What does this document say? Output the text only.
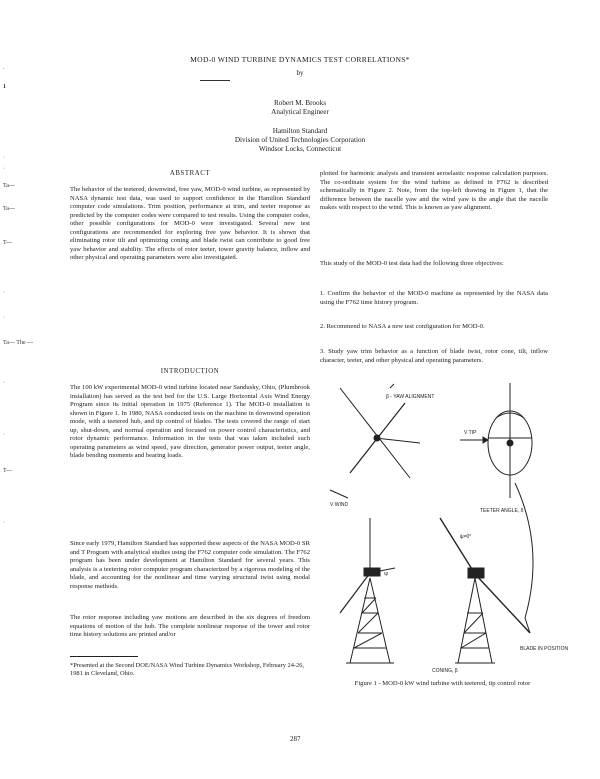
MOD-0 WIND TURBINE DYNAMICS TEST CORRELATIONS*
by
Robert M. Brooks
Analytical Engineer
Hamilton Standard
Division of United Technologies Corporation
Windsor Locks, Connecticut
.
1
·
·
Ta---
Ta---
T---
·
·
Ta--- The ---
·
·
T---
·
ABSTRACT
The behavior of the teetered, downwind, free yaw, MOD-0 wind turbine, as represented by NASA dynamic test data, was used to support confidence in the Hamilton Standard computer code simulations. Trim position, performance at trim, and teeter response as predicted by the computer codes were compared to test results. Using the computer codes, other possible configurations for MOD-0 were investigated. Several new test configurations are recommended for exploring free yaw behavior. It is shown that eliminating rotor tilt and optimizing coning and blade twist can contribute to good free yaw behavior and stability. The effects of rotor teeter, tower gravity balance, inflow and other physical and operating parameters were also investigated.
INTRODUCTION
The 100 kW experimental MOD-0 wind turbine located near Sandusky, Ohio, (Plumbrook installation) has served as the test bed for the U.S. Large Horizontal Axis Wind Energy Program since its initial operation in 1975 (Reference 1). The MOD-0 installation is shown in Figure 1. In 1980, NASA conducted tests on the machine in downwind operation mode, with a teetered hub, and tip control of blades. The tests covered the range of start up, shut-down, and normal operation and focused on power control characteristics, and rotor dynamic performance. Information in the tests that was taken included such operating parameters as wind speed, yaw direction, generator power output, teeter angle, blade bending moments and bearing loads.
Since early 1979, Hamilton Standard has supported these aspects of the NASA MOD-0 SR and T Program with analytical studies using the F762 computer code simulation. The F762 program has been under development at Hamilton Standard for several years. This analysis is a teetering rotor computer program characterized by a rigorous modeling of the blade, and accounting for the nonlinear and time varying structural twist using modal response methods.
The rotor response including yaw motions are described in the six degrees of freedom equations of motion of the hub. The complete nonlinear response of the tower and rotor time history solutions are printed and/or
*Presented at the Second DOE/NASA Wind Turbine Dynamics Workshop, February 24-26, 1981 in Cleveland, Ohio.
plotted for harmonic analysis and transient aeroelastic response calculation purposes. The co-ordinate system for the wind turbine as defined in F762 is described schematically in Figure 2. Note, from the top-left drawing in Figure 1, that the difference between the nacelle yaw and the wind yaw is the angle that the nacelle makes with respect to the wind. This is known as yaw alignment.
This study of the MOD-0 test data had the following three objectives:
1. Confirm the behavior of the MOD-0 machine as represented by the NASA data using the F762 time history program.
2. Recommend to NASA a new test configuration for MOD-0.
3. Study yaw trim behavior as a function of blade twist, rotor cone, tilt, inflow character, teeter, and other physical and operating parameters.
β - YAW ALIGNMENT
V WIND
V TIP
TEETER ANGLE, δ
Ψ
BLADE IN POSITION
CONING, β
ψ=0°
Figure 1 - MOD-0 kW wind turbine with teetered, tip control rotor
287
